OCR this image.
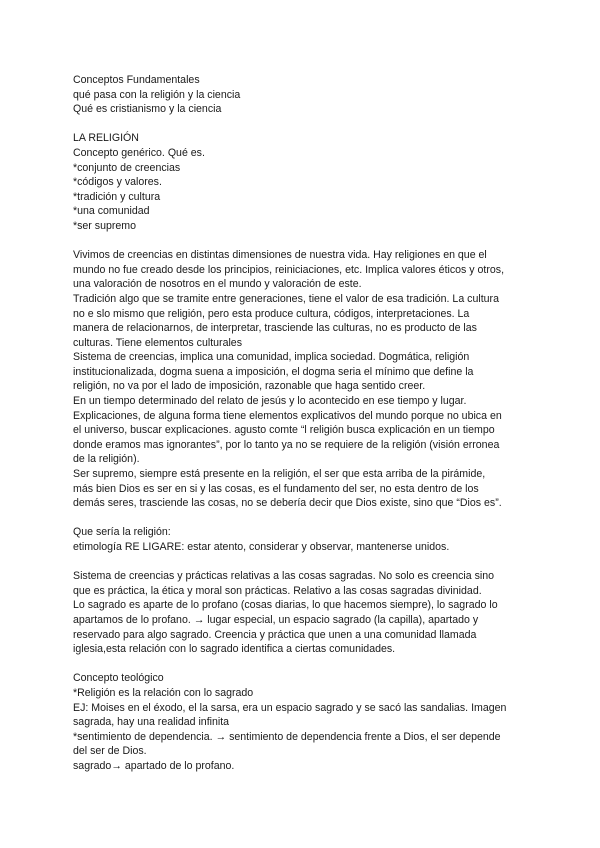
Conceptos Fundamentales
qué pasa con la religión y la ciencia
Qué es cristianismo y la ciencia
LA RELIGIÓN
Concepto genérico. Qué es.
*conjunto de creencias
*códigos y valores.
*tradición y cultura
*una comunidad
*ser supremo
Vivimos de creencias en distintas dimensiones de nuestra vida. Hay religiones en que el
mundo no fue creado desde los principios, reiniciaciones, etc. Implica valores éticos y otros,
una valoración de nosotros en el mundo y valoración de este.
Tradición algo que se tramite entre generaciones, tiene el valor de esa tradición. La cultura
no e slo mismo que religión, pero esta produce cultura, códigos, interpretaciones. La
manera de relacionarnos, de interpretar, trasciende las culturas, no es producto de las
culturas. Tiene elementos culturales
Sistema de creencias, implica una comunidad, implica sociedad. Dogmática, religión
institucionalizada, dogma suena a imposición, el dogma seria el mínimo que define la
religión, no va por el lado de imposición, razonable que haga sentido creer.
En un tiempo determinado del relato de jesús y lo acontecido en ese tiempo y lugar.
Explicaciones, de alguna forma tiene elementos explicativos del mundo porque no ubica en
el universo, buscar explicaciones. agusto comte “l religión busca explicación en un tiempo
donde eramos mas ignorantes”, por lo tanto ya no se requiere de la religión (visión erronea
de la religión).
Ser supremo, siempre está presente en la religión, el ser que esta arriba de la pirámide,
más bien Dios es ser en si y las cosas, es el fundamento del ser, no esta dentro de los
demás seres, trasciende las cosas, no se debería decir que Dios existe, sino que “Dios es”.
Que sería la religión:
etimología RE LIGARE: estar atento, considerar y observar, mantenerse unidos.
Sistema de creencias y prácticas relativas a las cosas sagradas. No solo es creencia sino
que es práctica, la ética y moral son prácticas. Relativo a las cosas sagradas divinidad.
Lo sagrado es aparte de lo profano (cosas diarias, lo que hacemos siempre), lo sagrado lo
apartamos de lo profano. → lugar especial, un espacio sagrado (la capilla), apartado y
reservado para algo sagrado. Creencia y práctica que unen a una comunidad llamada
iglesia,esta relación con lo sagrado identifica a ciertas comunidades.
Concepto teológico
*Religión es la relación con lo sagrado
EJ: Moises en el éxodo, el la sarsa, era un espacio sagrado y se sacó las sandalias. Imagen
sagrada, hay una realidad infinita
*sentimiento de dependencia. → sentimiento de dependencia frente a Dios, el ser depende
del ser de Dios.
sagrado→ apartado de lo profano.
